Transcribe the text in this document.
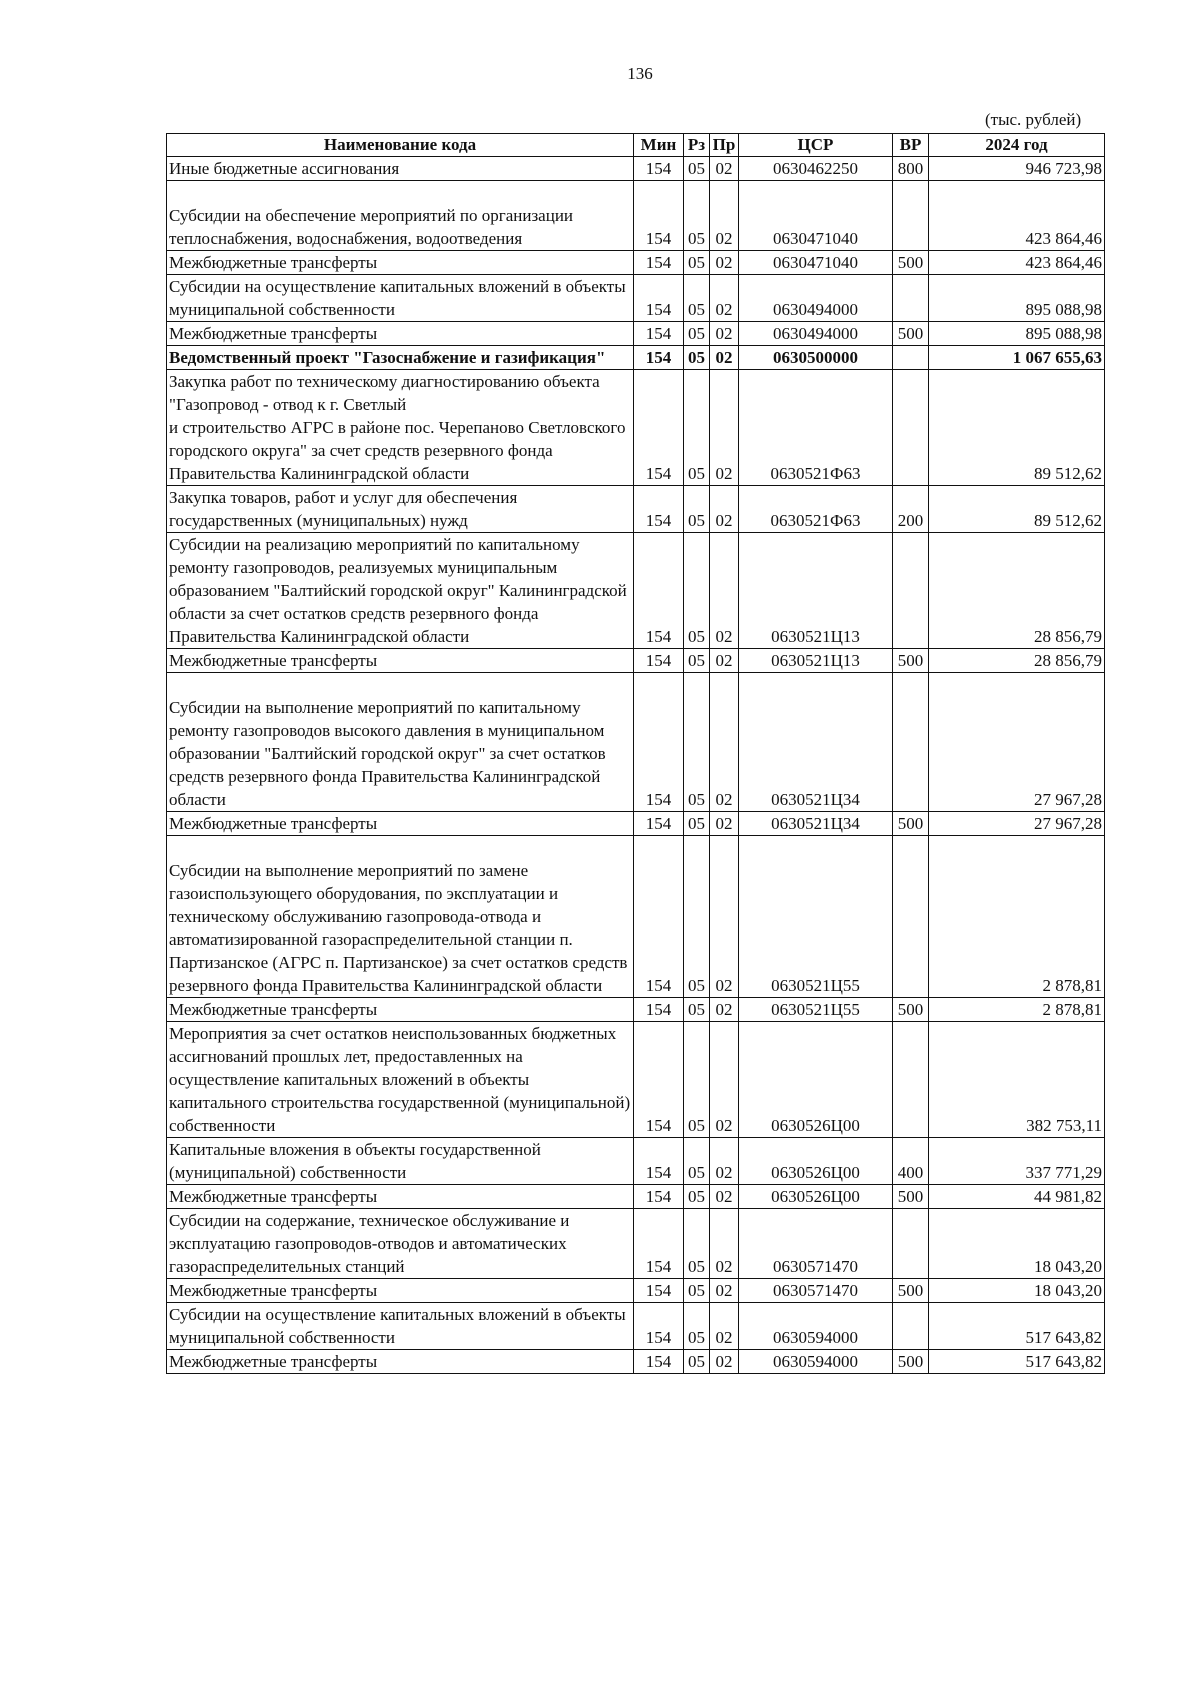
136
(тыс. рублей)
Наименование кода	Мин	Рз	Пр	ЦСР	ВР	2024 год
Иные бюджетные ассигнования	154	05	02	0630462250	800	946 723,98

Субсидии на обеспечение мероприятий по организации теплоснабжения, водоснабжения, водоотведения	154	05	02	0630471040		423 864,46
Межбюджетные трансферты	154	05	02	0630471040	500	423 864,46
Субсидии на осуществление капитальных вложений в объекты муниципальной собственности	154	05	02	0630494000		895 088,98
Межбюджетные трансферты	154	05	02	0630494000	500	895 088,98
Ведомственный проект "Газоснабжение и газификация"	154	05	02	0630500000		1 067 655,63
Закупка работ по техническому диагностированию объекта "Газопровод - отвод к г. Светлый
и строительство АГРС в районе пос. Черепаново Светловского городского округа" за счет средств резервного фонда Правительства Калининградской области	154	05	02	0630521Ф63		89 512,62
Закупка товаров, работ и услуг для обеспечения государственных (муниципальных) нужд	154	05	02	0630521Ф63	200	89 512,62
Субсидии на реализацию мероприятий по капитальному ремонту газопроводов, реализуемых муниципальным образованием "Балтийский городской округ" Калининградской области за счет остатков средств резервного фонда Правительства Калининградской области	154	05	02	0630521Ц13		28 856,79
Межбюджетные трансферты	154	05	02	0630521Ц13	500	28 856,79

Субсидии на выполнение мероприятий по капитальному ремонту газопроводов высокого давления в муниципальном образовании "Балтийский городской округ" за счет остатков средств резервного фонда Правительства Калининградской области	154	05	02	0630521Ц34		27 967,28
Межбюджетные трансферты	154	05	02	0630521Ц34	500	27 967,28

Субсидии на выполнение мероприятий по замене газоиспользующего оборудования, по эксплуатации и техническому обслуживанию газопровода-отвода и автоматизированной газораспределительной станции п. Партизанское (АГРС п. Партизанское) за счет остатков средств резервного фонда Правительства Калининградской области	154	05	02	0630521Ц55		2 878,81
Межбюджетные трансферты	154	05	02	0630521Ц55	500	2 878,81
Мероприятия за счет остатков неиспользованных бюджетных ассигнований прошлых лет, предоставленных на осуществление капитальных вложений в объекты капитального строительства государственной (муниципальной) собственности	154	05	02	0630526Ц00		382 753,11
Капитальные вложения в объекты государственной (муниципальной) собственности	154	05	02	0630526Ц00	400	337 771,29
Межбюджетные трансферты	154	05	02	0630526Ц00	500	44 981,82
Субсидии на содержание, техническое обслуживание и эксплуатацию газопроводов-отводов и автоматических газораспределительных станций	154	05	02	0630571470		18 043,20
Межбюджетные трансферты	154	05	02	0630571470	500	18 043,20
Субсидии на осуществление капитальных вложений в объекты муниципальной собственности	154	05	02	0630594000		517 643,82
Межбюджетные трансферты	154	05	02	0630594000	500	517 643,82
